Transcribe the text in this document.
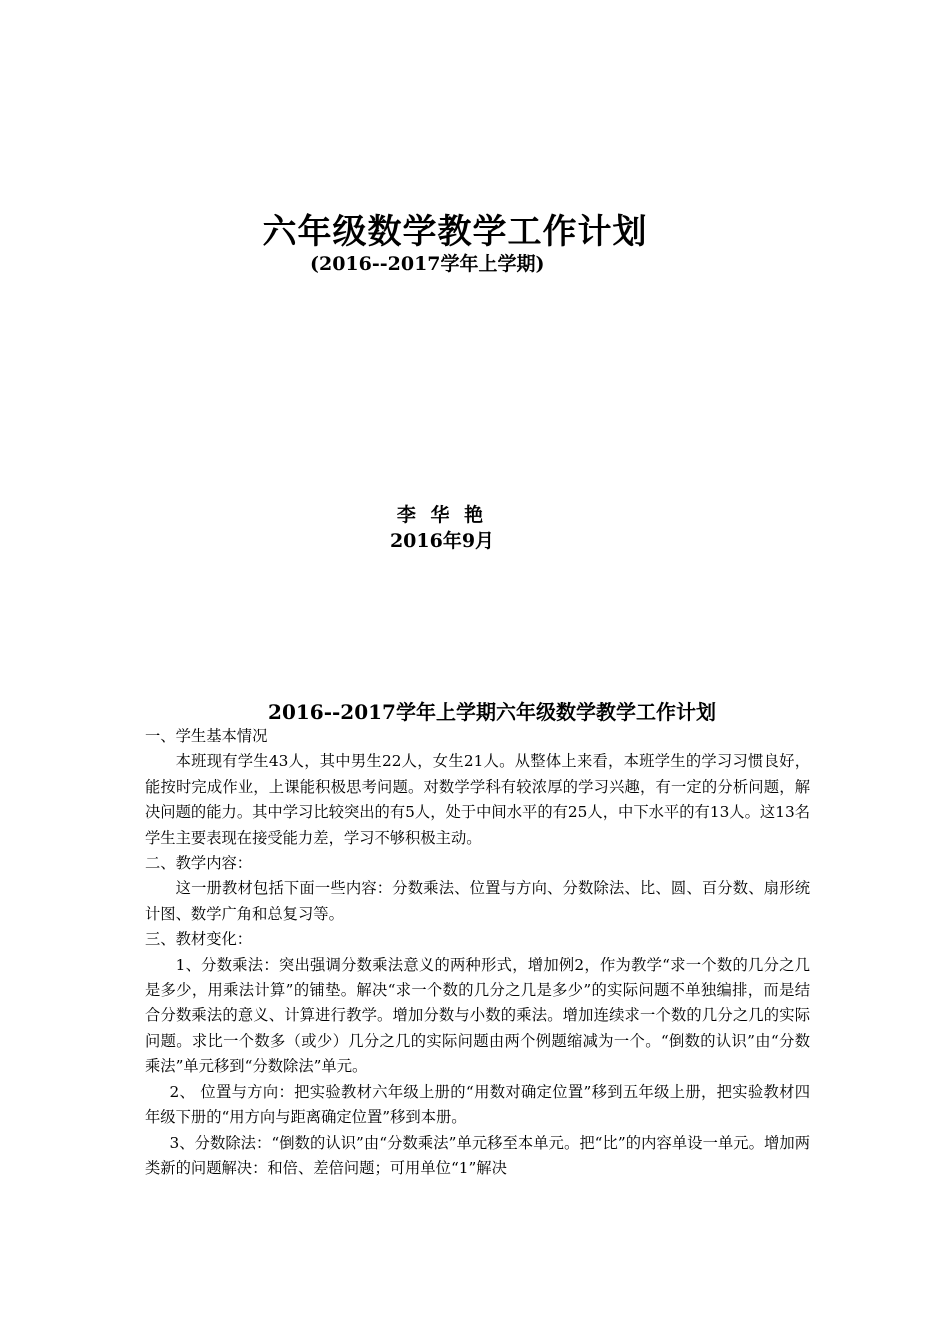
六年级数学教学工作计划
(2016--2017学年上学期)
李 华 艳
2016年9月
2016--2017学年上学期六年级数学教学工作计划

一、学生基本情况

本班现有学生43人，其中男生22人，女生21人。从整体上来看，本班学生的学习习惯良好，能按时完成作业，上课能积极思考问题。对数学学科有较浓厚的学习兴趣，有一定的分析问题，解决问题的能力。其中学习比较突出的有5人，处于中间水平的有25人，中下水平的有13人。这13名学生主要表现在接受能力差，学习不够积极主动。

二、教学内容：

这一册教材包括下面一些内容：分数乘法、位置与方向、分数除法、比、圆、百分数、扇形统计图、数学广角和总复习等。

三、教材变化：

1、分数乘法：突出强调分数乘法意义的两种形式，增加例2，作为教学“求一个数的几分之几是多少，用乘法计算”的铺垫。解决“求一个数的几分之几是多少”的实际问题不单独编排，而是结合分数乘法的意义、计算进行教学。增加分数与小数的乘法。增加连续求一个数的几分之几的实际问题。求比一个数多（或少）几分之几的实际问题由两个例题缩减为一个。“倒数的认识”由“分数乘法”单元移到“分数除法”单元。

2、 位置与方向：把实验教材六年级上册的“用数对确定位置”移到五年级上册，把实验教材四年级下册的“用方向与距离确定位置”移到本册。

3、分数除法：“倒数的认识”由“分数乘法”单元移至本单元。把“比”的内容单设一单元。增加两类新的问题解决：和倍、差倍问题；可用单位“1”解决
